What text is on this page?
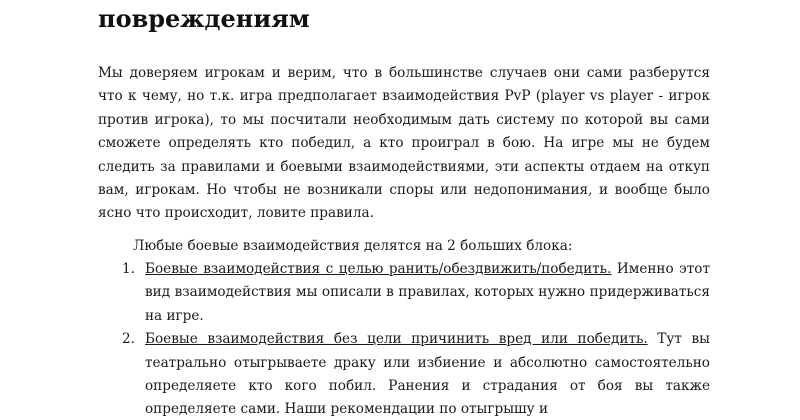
повреждениям

Мы доверяем игрокам и верим, что в большинстве случаев они сами разберутся что к чему, но т.к. игра предполагает взаимодействия PvP (player vs player - игрок против игрока), то мы посчитали необходимым дать систему по которой вы сами сможете определять кто победил, а кто проиграл в бою. На игре мы не будем следить за правилами и боевыми взаимодействиями, эти аспекты отдаем на откуп вам, игрокам. Но чтобы не возникали споры или недопонимания, и вообще было ясно что происходит, ловите правила.

Любые боевые взаимодействия делятся на 2 больших блока:

1. Боевые взаимодействия с целью ранить/обездвижить/победить. Именно этот вид взаимодействия мы описали в правилах, которых нужно придерживаться на игре.
2. Боевые взаимодействия без цели причинить вред или победить. Тут вы театрально отыгрываете драку или избиение и абсолютно самостоятельно определяете кто кого побил. Ранения и страдания от боя вы также определяете сами. Наши рекомендации по отыгрышу и
